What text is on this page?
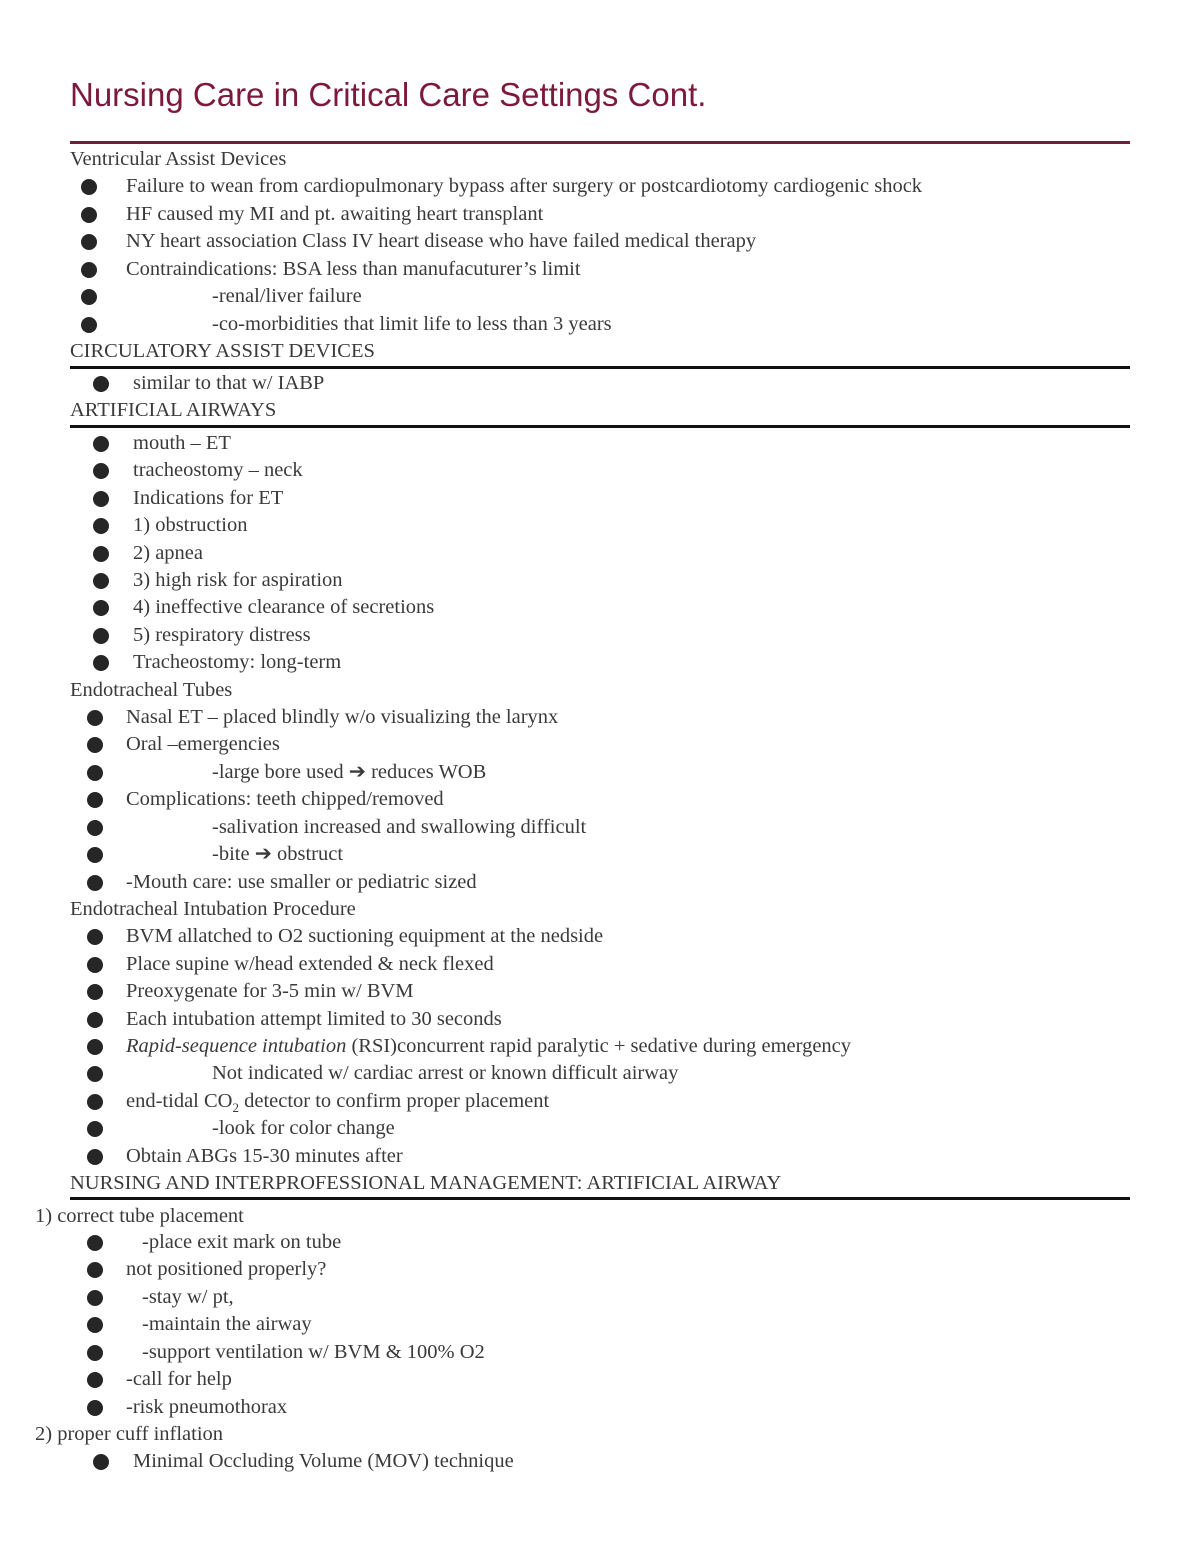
Nursing Care in Critical Care Settings Cont.
Ventricular Assist Devices
Failure to wean from cardiopulmonary bypass after surgery or postcardiotomy cardiogenic shock
HF caused my MI and pt. awaiting heart transplant
NY heart association Class IV heart disease who have failed medical therapy
Contraindications: BSA less than manufacuturer’s limit
-renal/liver failure
-co-morbidities that limit life to less than 3 years
CIRCULATORY ASSIST DEVICES
similar to that w/ IABP
ARTIFICIAL AIRWAYS
mouth – ET
tracheostomy – neck
Indications for ET
1) obstruction
2) apnea
3) high risk for aspiration
4) ineffective clearance of secretions
5) respiratory distress
Tracheostomy: long-term
Endotracheal Tubes
Nasal ET – placed blindly w/o visualizing the larynx
Oral –emergencies
-large bore used ➔ reduces WOB
Complications: teeth chipped/removed
-salivation increased and swallowing difficult
-bite ➔ obstruct
-Mouth care: use smaller or pediatric sized
Endotracheal Intubation Procedure
BVM allatched to O2 suctioning equipment at the nedside
Place supine w/head extended & neck flexed
Preoxygenate for 3-5 min w/ BVM
Each intubation attempt limited to 30 seconds
Rapid-sequence intubation (RSI)concurrent rapid paralytic + sedative during emergency
Not indicated w/ cardiac arrest or known difficult airway
end-tidal $CO_2$ detector to confirm proper placement
-look for color change
Obtain ABGs 15-30 minutes after
NURSING AND INTERPROFESSIONAL MANAGEMENT: ARTIFICIAL AIRWAY
1) correct tube placement
-place exit mark on tube
not positioned properly?
-stay w/ pt,
-maintain the airway
-support ventilation w/ BVM & 100% O2
-call for help
-risk pneumothorax
2) proper cuff inflation
Minimal Occluding Volume (MOV) technique
